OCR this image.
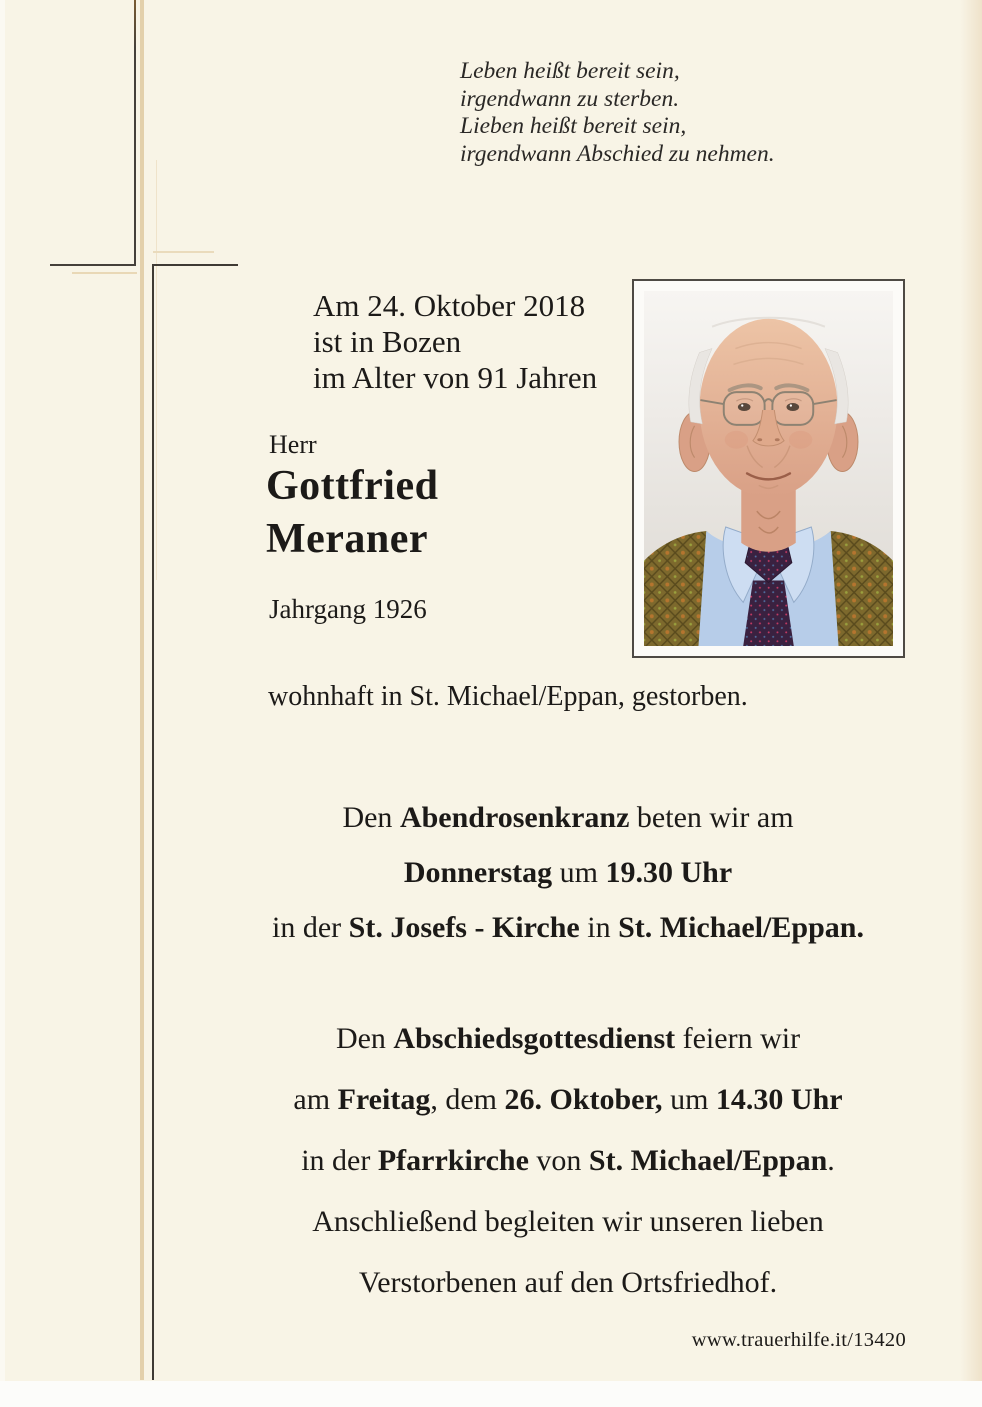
Leben heißt bereit sein,
irgendwann zu sterben.
Lieben heißt bereit sein,
irgendwann Abschied zu nehmen.
Am 24. Oktober 2018
ist in Bozen
im Alter von 91 Jahren
Herr
Gottfried
Meraner
Jahrgang 1926
wohnhaft in St. Michael/Eppan, gestorben.
Den Abendrosenkranz beten wir am
Donnerstag um 19.30 Uhr
in der St. Josefs - Kirche in St. Michael/Eppan.
Den Abschiedsgottesdienst feiern wir
am Freitag, dem 26. Oktober, um 14.30 Uhr
in der Pfarrkirche von St. Michael/Eppan.
Anschließend begleiten wir unseren lieben
Verstorbenen auf den Ortsfriedhof.
www.trauerhilfe.it/13420
